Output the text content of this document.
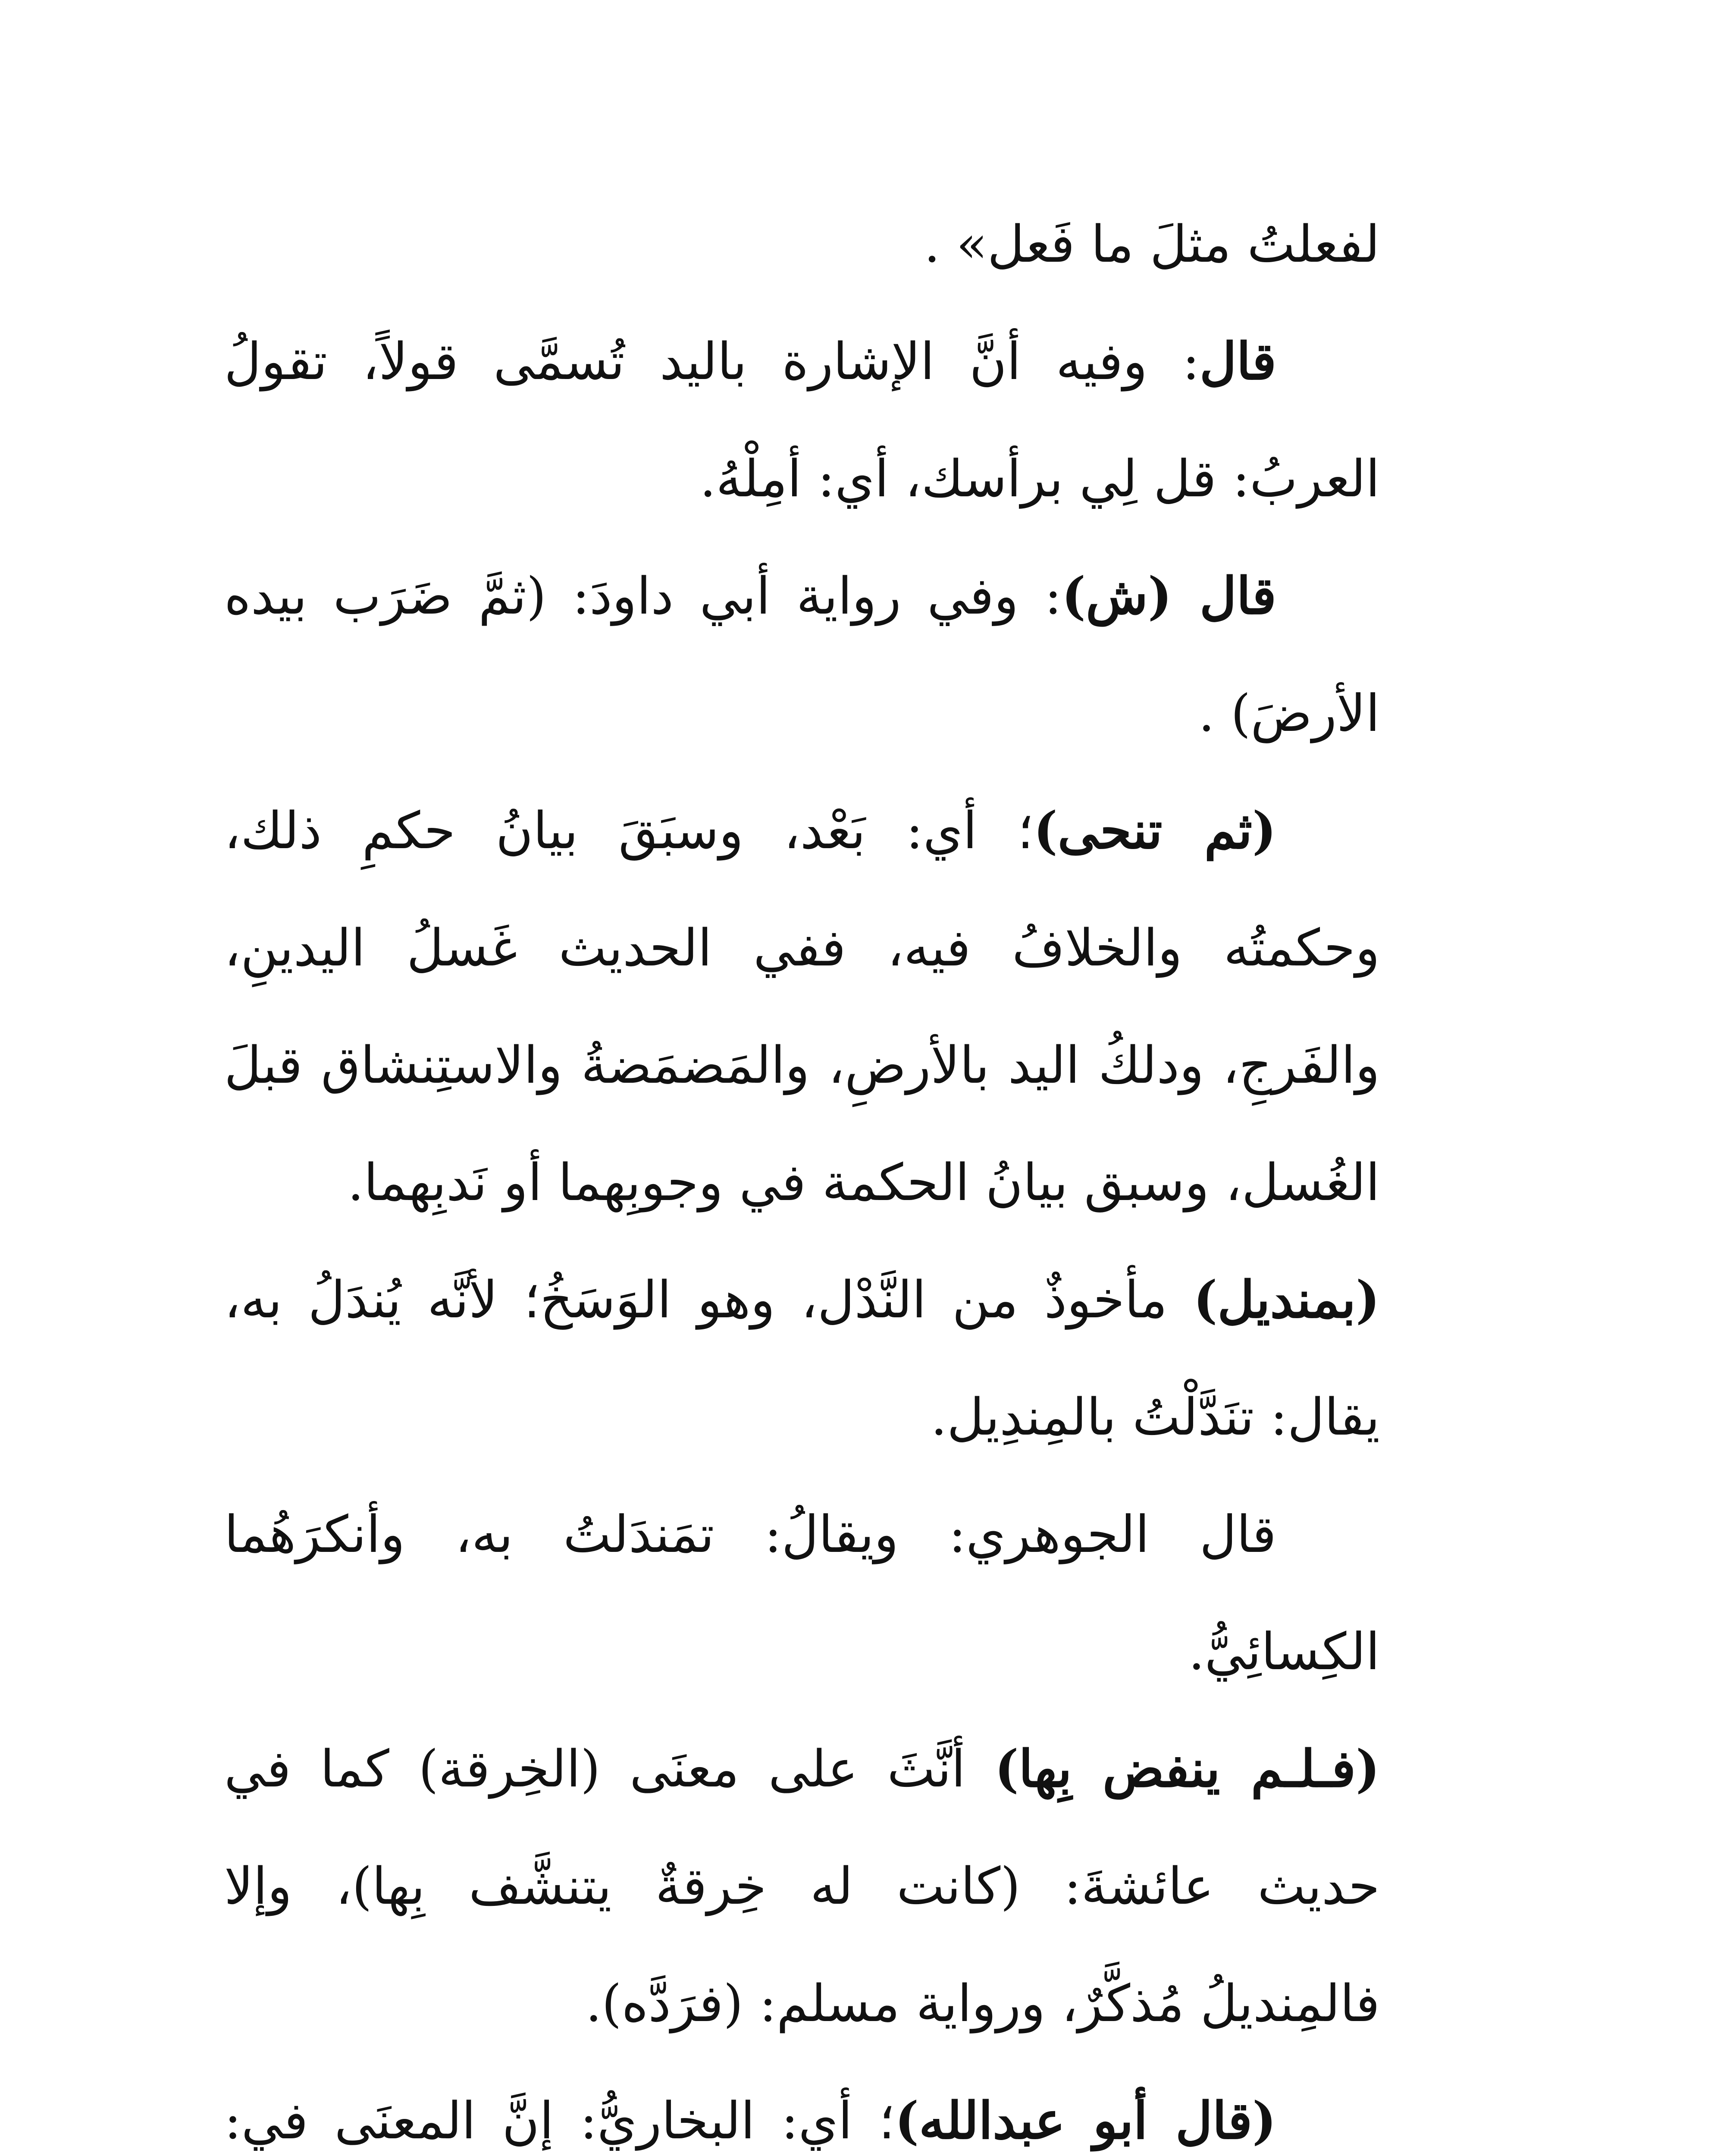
لفعلتُ مثلَ ما فَعل» .

قال: وفيه أنَّ الإشارة باليد تُسمَّى قولاً، تقولُ العربُ: قل لِي برأسك، أي: أمِلْهُ.

قال (ش): وفي رواية أبي داودَ: (ثمَّ ضَرَب بيده الأرضَ) .

(ثم تنحى)؛ أي: بَعْد، وسبَقَ بيانُ حكمِ ذلك، وحكمتُه والخلافُ فيه، ففي الحديث غَسلُ اليدينِ، والفَرجِ، ودلكُ اليد بالأرضِ، والمَضمَضةُ والاستِنشاق قبلَ الغُسل، وسبق بيانُ الحكمة في وجوبِهما أو نَدبِهما.

(بمنديل) مأخوذٌ من النَّدْل، وهو الوَسَخُ؛ لأنَّه يُندَلُ به، يقال: تنَدَّلْتُ بالمِندِيل.

قال الجوهري: ويقالُ: تمَندَلتُ به، وأنكرَهُما الكِسائِيُّ.

(فـلـم ينفض بِها) أنَّثَ على معنَى (الخِرقة) كما في حديث عائشةَ: (كانت له خِرقةٌ يتنشَّف بِها)، وإلا فالمِنديلُ مُذكَّرٌ، ورواية مسلم: (فرَدَّه).

(قال أبو عبدالله)؛ أي: البخاريُّ: إنَّ المعنَى في:
